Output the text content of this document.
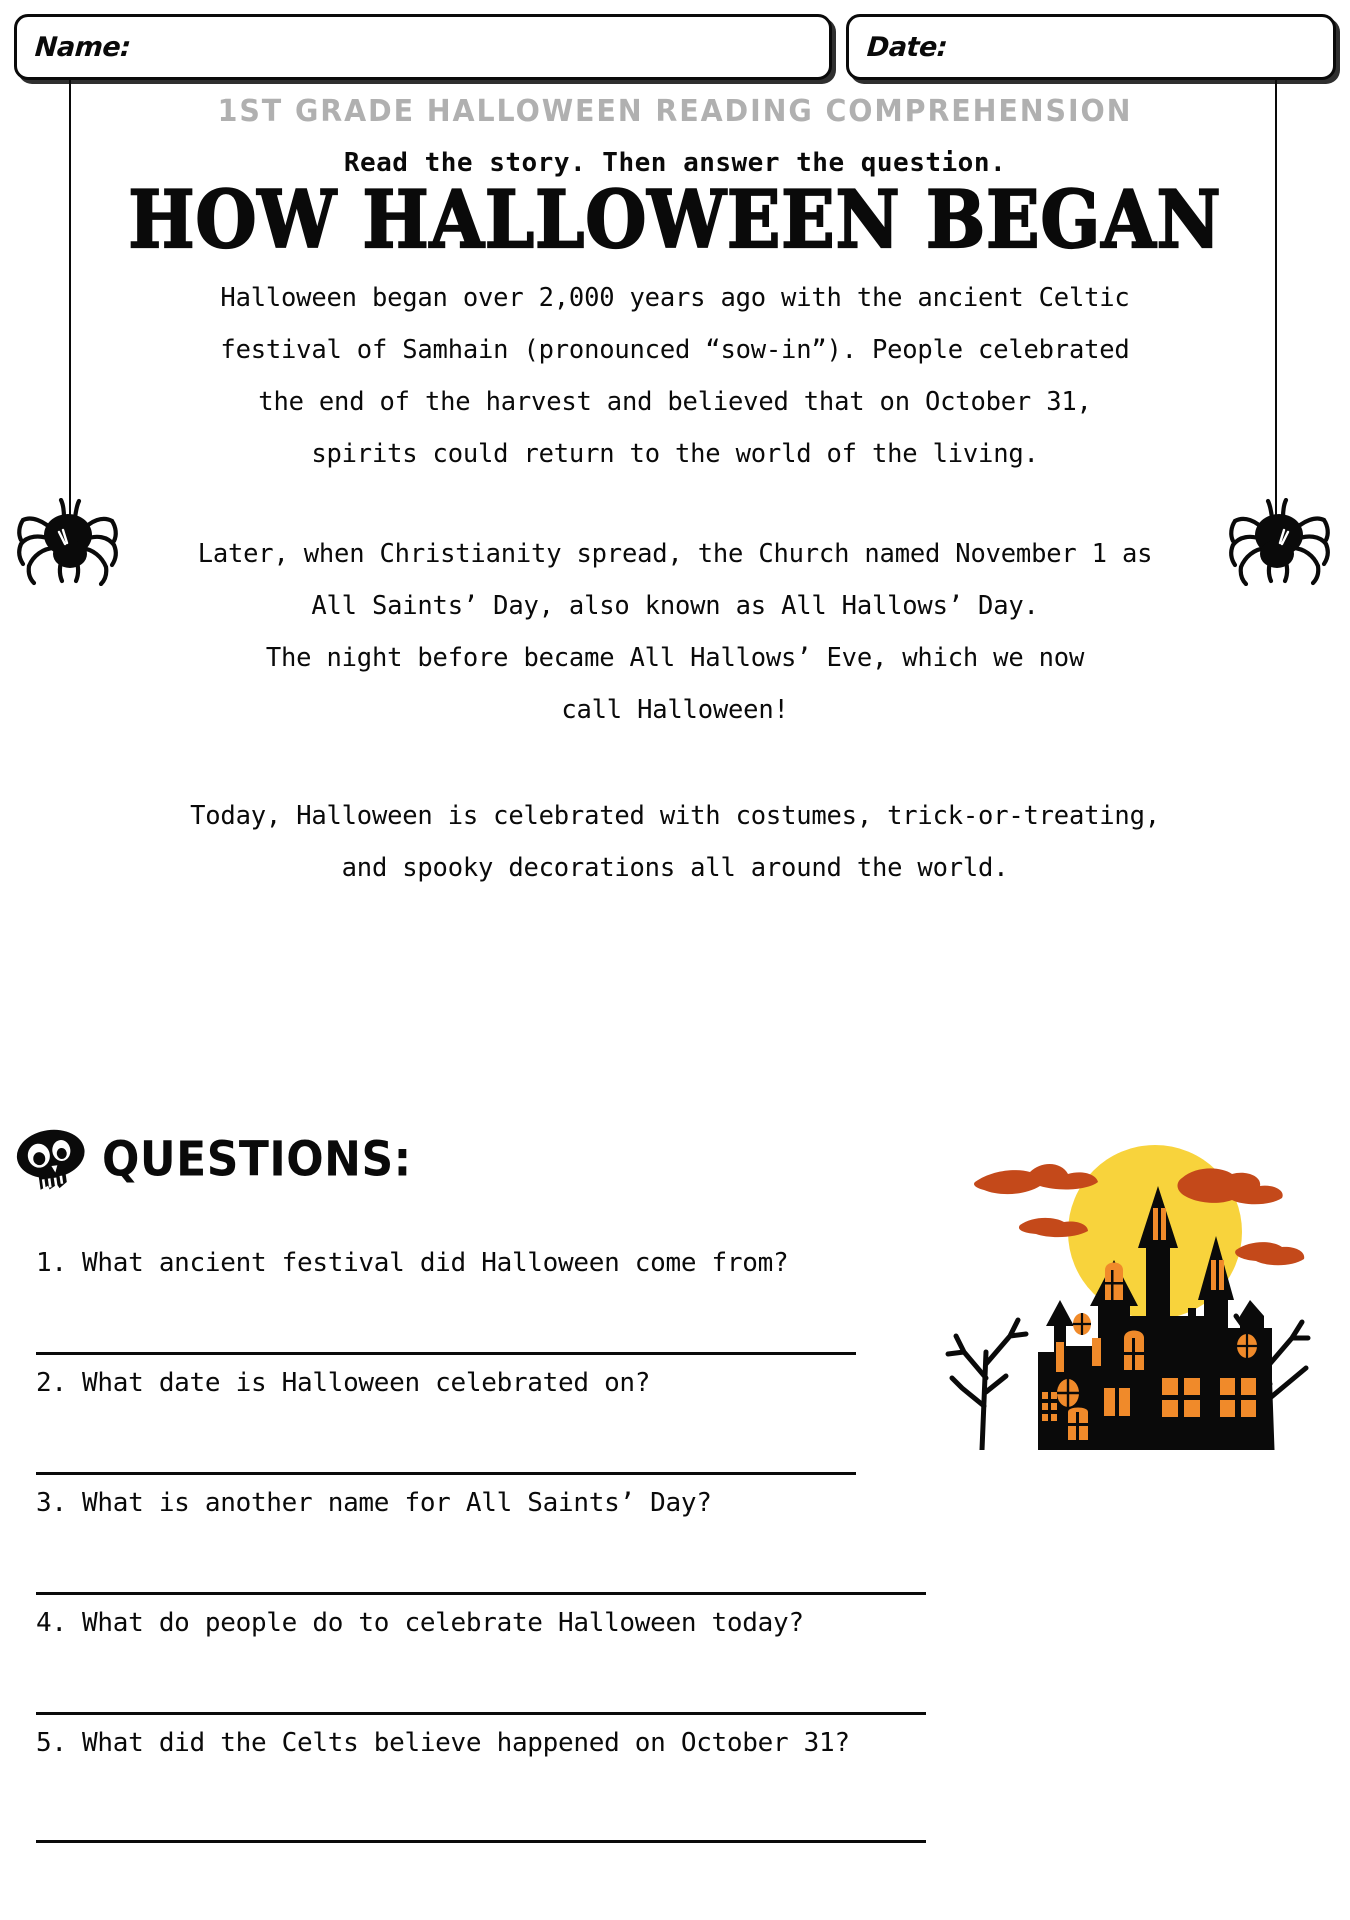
Name:	Date:
1ST GRADE HALLOWEEN READING COMPREHENSION
Read the story. Then answer the question.
HOW HALLOWEEN BEGAN

Halloween began over 2,000 years ago with the ancient Celtic

festival of Samhain (pronounced “sow-in”). People celebrated

the end of the harvest and believed that on October 31,

spirits could return to the world of the living.

Later, when Christianity spread, the Church named November 1 as

All Saints’ Day, also known as All Hallows’ Day.

The night before became All Hallows’ Eve, which we now

call Halloween!

Today, Halloween is celebrated with costumes, trick-or-treating,

and spooky decorations all around the world.

QUESTIONS:
1. What ancient festival did Halloween come from?
2. What date is Halloween celebrated on?
3. What is another name for All Saints’ Day?
4. What do people do to celebrate Halloween today?
5. What did the Celts believe happened on October 31?
